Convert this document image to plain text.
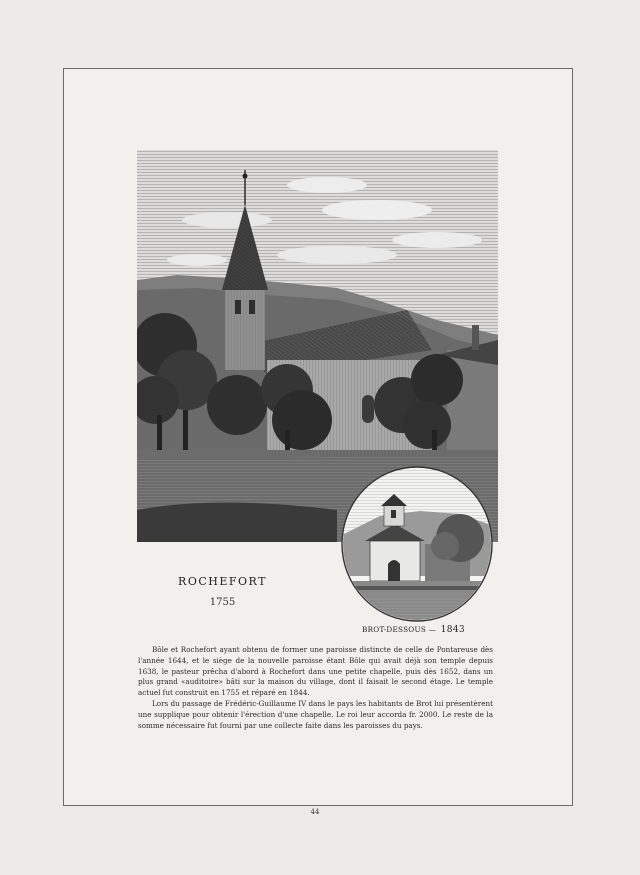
ROCHEFORT
1755
BROT-DESSOUS — 1843

Bôle et Rochefort ayant obtenu de former une paroisse distincte de celle de Pontareuse dès l'année 1644, et le siège de la nouvelle paroisse étant Bôle qui avait déjà son temple depuis 1638, le pasteur prêcha d'abord à Rochefort dans une petite chapelle, puis dès 1652, dans un plus grand «auditoire» bâti sur la maison du village, dont il faisait le second étage. Le temple actuel fut construit en 1755 et réparé en 1844.

Lors du passage de Frédéric-Guillaume IV dans le pays les habitants de Brot lui présentèrent une supplique pour obtenir l'érection d'une chapelle. Le roi leur accorda fr. 2000. Le reste de la somme nécessaire fut fourni par une collecte faite dans les paroisses du pays.

44
